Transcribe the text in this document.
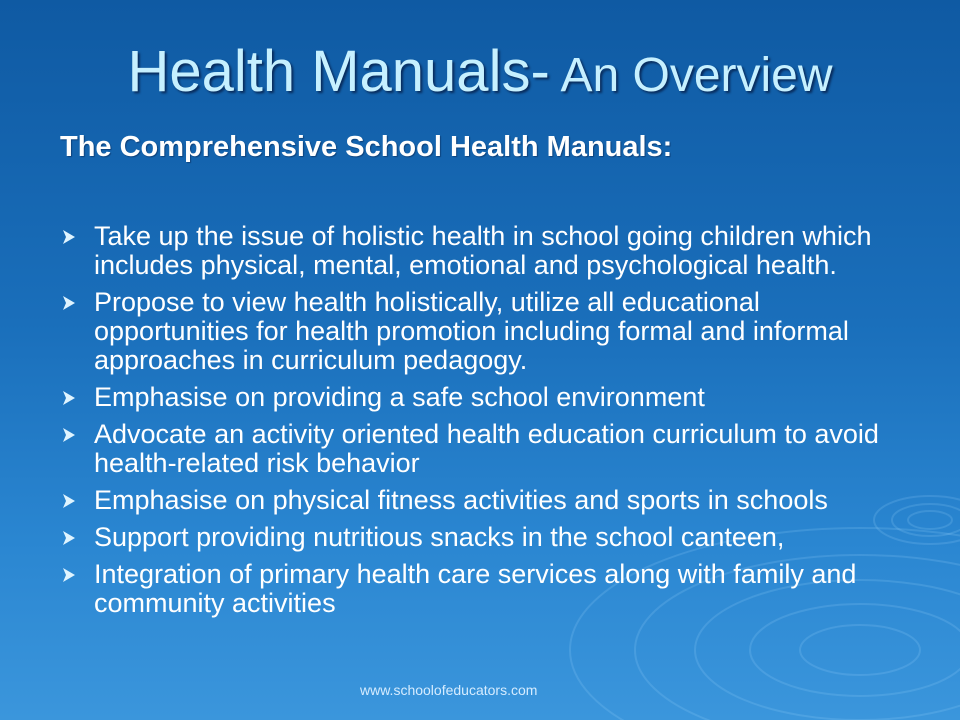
Health Manuals- An Overview
The Comprehensive School Health Manuals:
Take up the issue of holistic health in school going children which includes physical, mental, emotional and psychological health.
Propose to view health holistically, utilize all educational opportunities for health promotion including formal and informal approaches in curriculum pedagogy.
Emphasise on providing a safe school environment
Advocate an activity oriented health education curriculum to avoid health-related risk behavior
Emphasise on physical fitness activities and sports in schools
Support providing nutritious snacks in the school canteen,
Integration of primary health care services along with family and community activities
www.schoolofeducators.com
